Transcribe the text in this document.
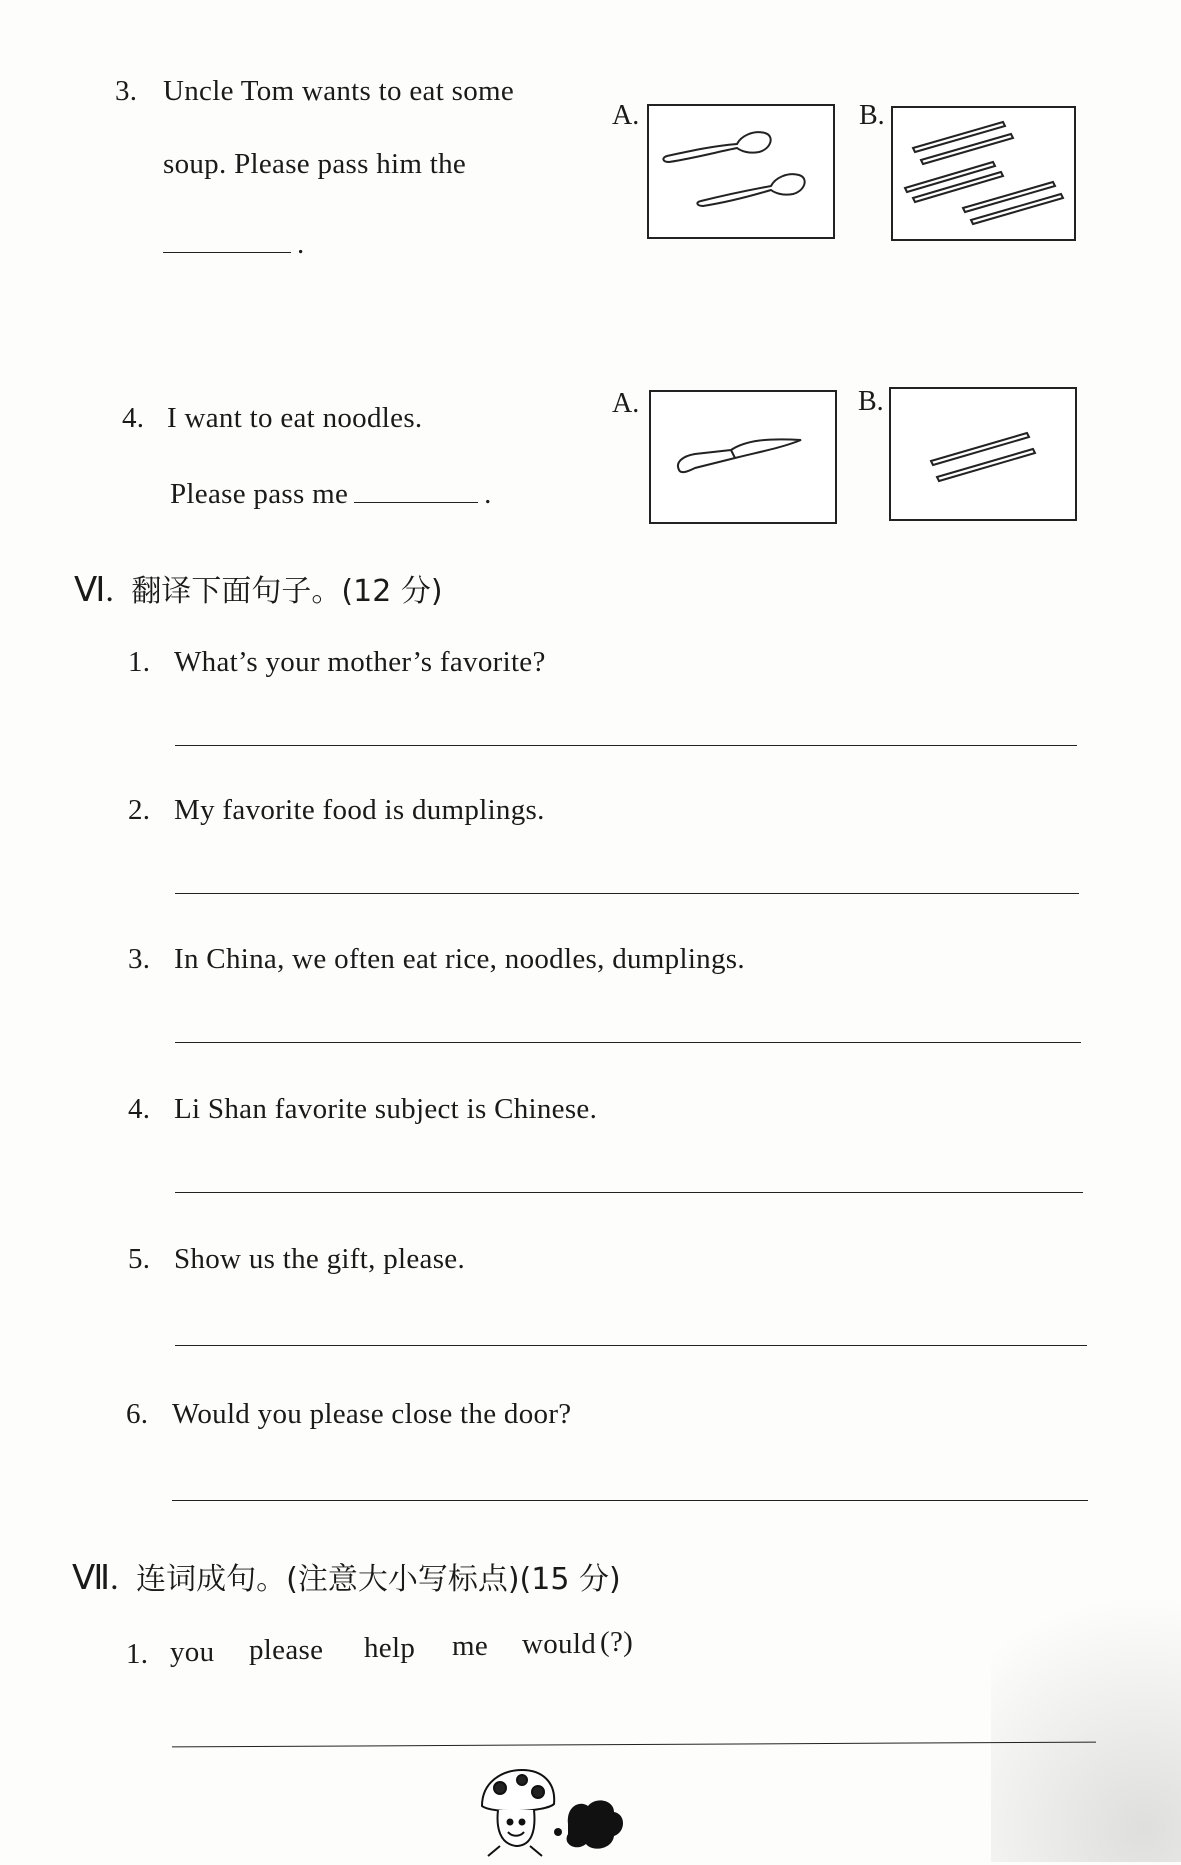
3. Uncle Tom wants to eat some
soup. Please pass him the
.
A.	B.
4. I want to eat noodles.
Please pass me	.
A.	B.
Ⅵ. 翻译下面句子。(12 分)
1. What’s your mother’s favorite?
2. My favorite food is dumplings.
3. In China, we often eat rice, noodles, dumplings.
4. Li Shan favorite subject is Chinese.
5. Show us the gift, please.
6. Would you please close the door?
Ⅶ. 连词成句。(注意大小写标点)(15 分)
1. you please help me would (?)
